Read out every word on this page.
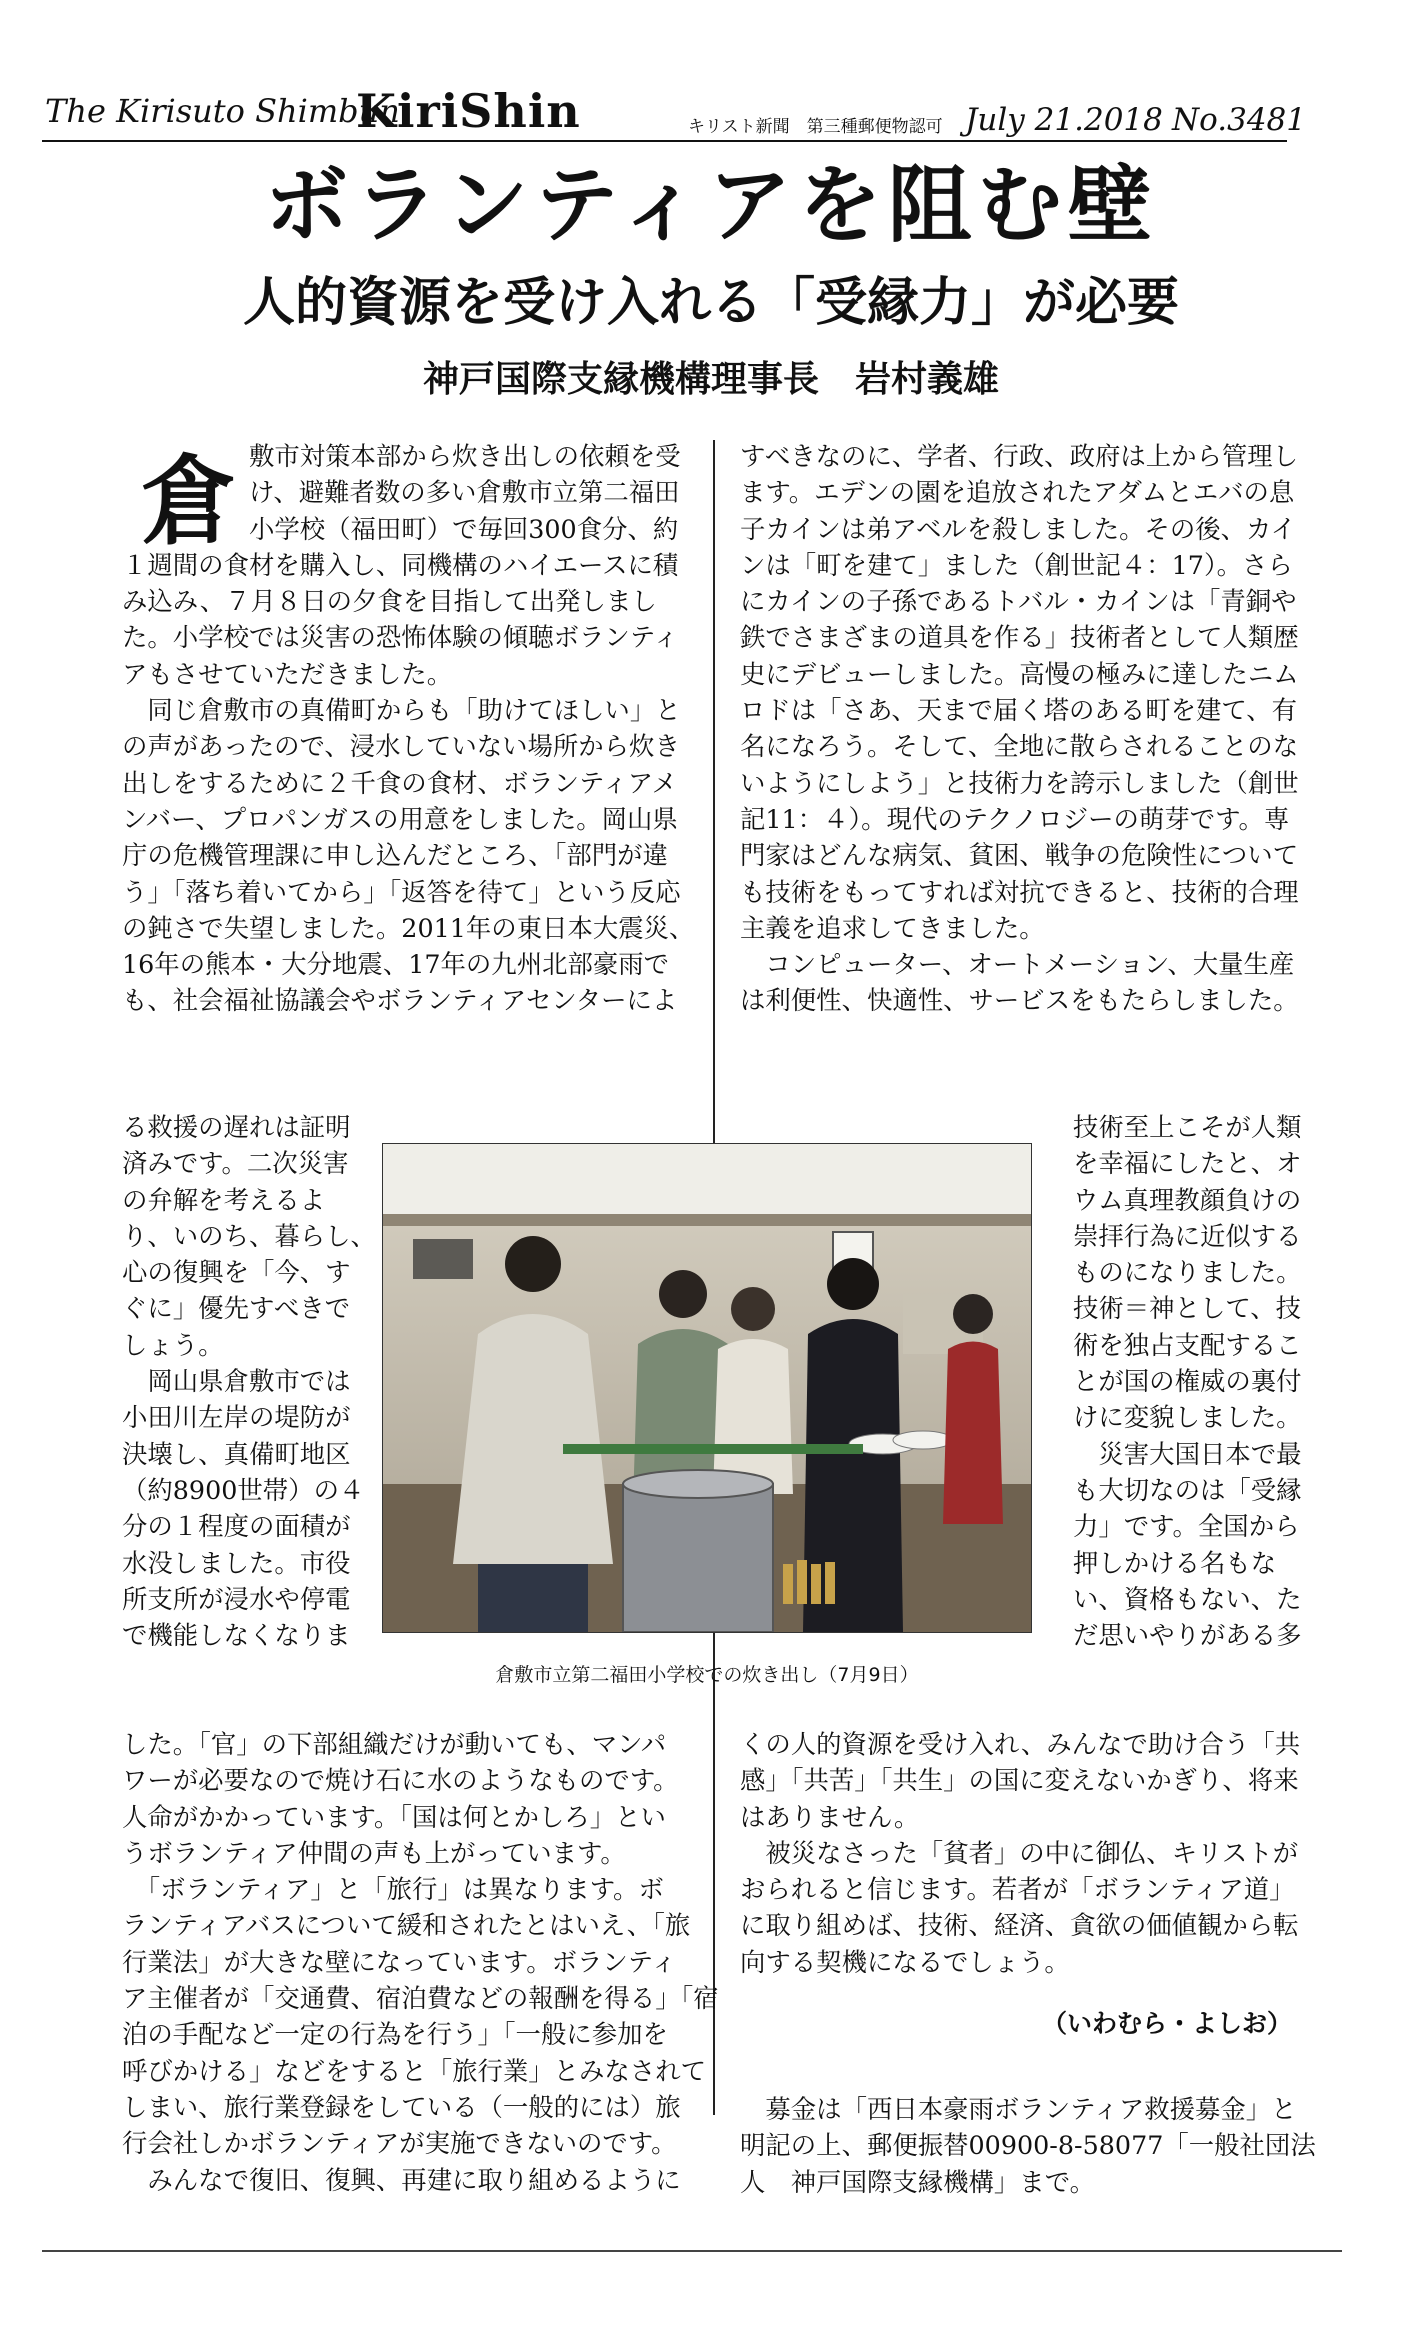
The Kirisuto Shimbun
KiriShin	キリスト新聞　第三種郵便物認可 July 21.2018 No.3481
ボランティアを阻む壁
人的資源を受け入れる「受縁力」が必要
神戸国際支縁機構理事長　岩村義雄
倉 　　　　　敷市対策本部から炊き出しの依頼を受
　　　　　け、避難者数の多い倉敷市立第二福田
　　　　　小学校（福田町）で毎回300食分、約
１週間の食材を購入し、同機構のハイエースに積
み込み、７月８日の夕食を目指して出発しまし
た。小学校では災害の恐怖体験の傾聴ボランティ
アもさせていただきました。
　同じ倉敷市の真備町からも「助けてほしい」と
の声があったので、浸水していない場所から炊き
出しをするために２千食の食材、ボランティアメ
ンバー、プロパンガスの用意をしました。岡山県
庁の危機管理課に申し込んだところ、「部門が違
う」「落ち着いてから」「返答を待て」という反応
の鈍さで失望しました。2011年の東日本大震災、
16年の熊本・大分地震、17年の九州北部豪雨で
も、社会福祉協議会やボランティアセンターによ
る救援の遅れは証明
済みです。二次災害
の弁解を考えるよ
り、いのち、暮らし、
心の復興を「今、す
ぐに」優先すべきで
しょう。
　岡山県倉敷市では
小田川左岸の堤防が
決壊し、真備町地区
（約8900世帯）の４
分の１程度の面積が
水没しました。市役
所支所が浸水や停電
で機能しなくなりま
した。「官」の下部組織だけが動いても、マンパ
ワーが必要なので焼け石に水のようなものです。
人命がかかっています。「国は何とかしろ」とい
うボランティア仲間の声も上がっています。
　「ボランティア」と「旅行」は異なります。ボ
ランティアバスについて緩和されたとはいえ、「旅
行業法」が大きな壁になっています。ボランティ
ア主催者が「交通費、宿泊費などの報酬を得る」「宿
泊の手配など一定の行為を行う」「一般に参加を
呼びかける」などをすると「旅行業」とみなされて
しまい、旅行業登録をしている（一般的には）旅
行会社しかボランティアが実施できないのです。
　みんなで復旧、復興、再建に取り組めるように
すべきなのに、学者、行政、政府は上から管理し
ます。エデンの園を追放されたアダムとエバの息
子カインは弟アベルを殺しました。その後、カイ
ンは「町を建て」ました（創世記４：17）。さら
にカインの子孫であるトバル・カインは「青銅や
鉄でさまざまの道具を作る」技術者として人類歴
史にデビューしました。高慢の極みに達したニム
ロドは「さあ、天まで届く塔のある町を建て、有
名になろう。そして、全地に散らされることのな
いようにしよう」と技術力を誇示しました（創世
記11：４）。現代のテクノロジーの萌芽です。専
門家はどんな病気、貧困、戦争の危険性について
も技術をもってすれば対抗できると、技術的合理
主義を追求してきました。
　コンピューター、オートメーション、大量生産
は利便性、快適性、サービスをもたらしました。
技術至上こそが人類
を幸福にしたと、オ
ウム真理教顔負けの
崇拝行為に近似する
ものになりました。
技術＝神として、技
術を独占支配するこ
とが国の権威の裏付
けに変貌しました。
　災害大国日本で最
も大切なのは「受縁
力」です。全国から
押しかける名もな
い、資格もない、た
だ思いやりがある多
くの人的資源を受け入れ、みんなで助け合う「共
感」「共苦」「共生」の国に変えないかぎり、将来
はありません。
　被災なさった「貧者」の中に御仏、キリストが
おられると信じます。若者が「ボランティア道」
に取り組めば、技術、経済、貪欲の価値観から転
向する契機になるでしょう。
（いわむら・よしお）
　募金は「西日本豪雨ボランティア救援募金」と
明記の上、郵便振替00900-8-58077「一般社団法
人　神戸国際支縁機構」まで。
倉敷市立第二福田小学校での炊き出し（7月9日）
